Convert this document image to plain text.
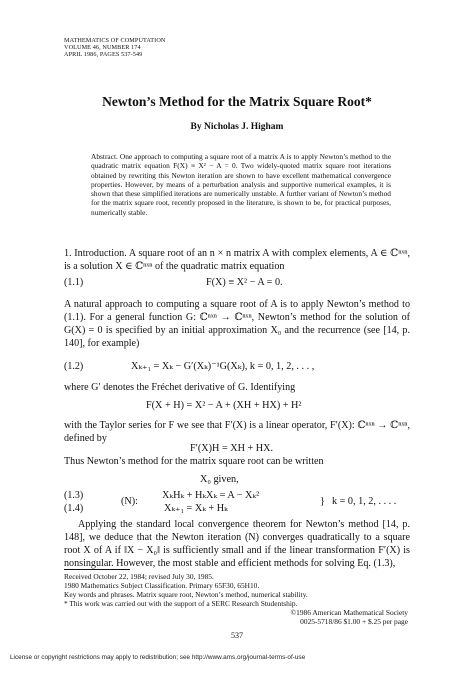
MATHEMATICS OF COMPUTATION
VOLUME 46, NUMBER 174
APRIL 1986, PAGES 537-549
Newton’s Method for the Matrix Square Root*
By Nicholas J. Higham
Abstract. One approach to computing a square root of a matrix A is to apply Newton’s method to the quadratic matrix equation F(X) ≡ X² − A = 0. Two widely-quoted matrix square root iterations obtained by rewriting this Newton iteration are shown to have excellent mathematical convergence properties. However, by means of a perturbation analysis and supportive numerical examples, it is shown that these simplified iterations are numerically unstable. A further variant of Newton’s method for the matrix square root, recently proposed in the literature, is shown to be, for practical purposes, numerically stable.
1. Introduction. A square root of an n × n matrix A with complex elements, A ∈ ℂⁿˣⁿ, is a solution X ∈ ℂⁿˣⁿ of the quadratic matrix equation
(1.1)	F(X) ≡ X² − A = 0.
A natural approach to computing a square root of A is to apply Newton’s method to (1.1). For a general function G: ℂⁿˣⁿ → ℂⁿˣⁿ, Newton’s method for the solution of G(X) = 0 is specified by an initial approximation X₀ and the recurrence (see [14, p. 140], for example)
(1.2)	Xₖ₊₁ = Xₖ − G′(Xₖ)⁻¹G(Xₖ), k = 0, 1, 2, . . . ,
where G′ denotes the Fréchet derivative of G. Identifying
F(X + H) = X² − A + (XH + HX) + H²
with the Taylor series for F we see that F′(X) is a linear operator, F′(X): ℂⁿˣⁿ → ℂⁿˣⁿ, defined by
F′(X)H = XH + HX.
Thus Newton’s method for the matrix square root can be written
X₀ given,
(1.3)
(1.4)
(N):
XₖHₖ + HₖXₖ = A − Xₖ²
Xₖ₊₁ = Xₖ + Hₖ
} k = 0, 1, 2, . . . .
Applying the standard local convergence theorem for Newton’s method [14, p. 148], we deduce that the Newton iteration (N) converges quadratically to a square root X of A if ‖X − X₀‖ is sufficiently small and if the linear transformation F′(X) is nonsingular. However, the most stable and efficient methods for solving Eq. (1.3),
Received October 22, 1984; revised July 30, 1985.
1980 Mathematics Subject Classification. Primary 65F30, 65H10.
Key words and phrases. Matrix square root, Newton’s method, numerical stability.
* This work was carried out with the support of a SERC Research Studentship.
©1986 American Mathematical Society
0025-5718/86 $1.00 + $.25 per page
537
License or copyright restrictions may apply to redistribution; see http://www.ams.org/journal-terms-of-use
